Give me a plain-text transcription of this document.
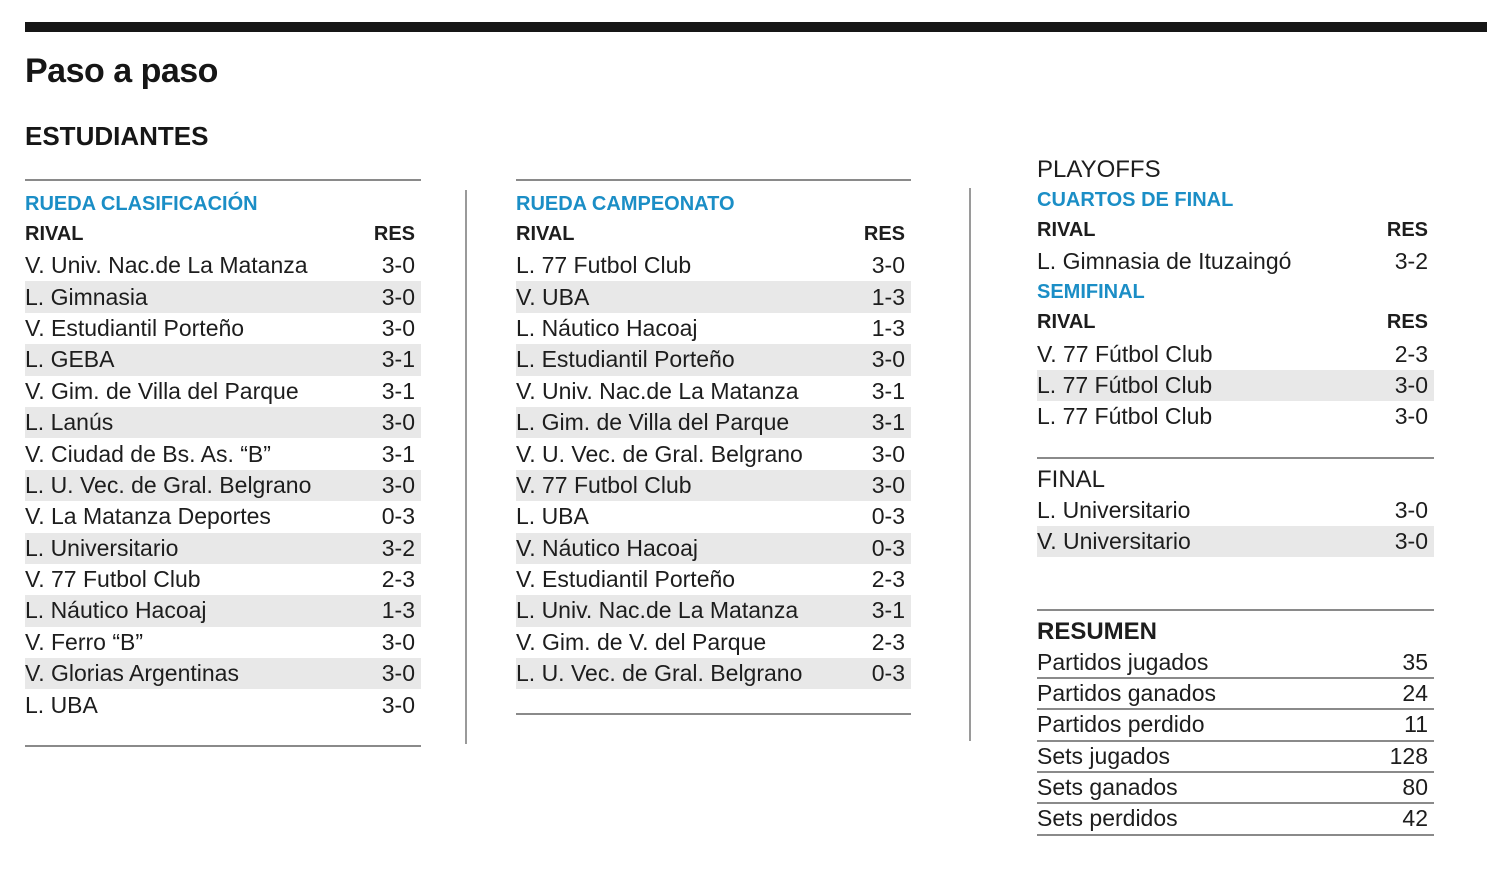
Paso a paso
ESTUDIANTES
RUEDA CLASIFICACIÓN
RIVAL	RES
V. Univ. Nac.de La Matanza	3-0
L. Gimnasia	3-0
V. Estudiantil Porteño	3-0
L. GEBA	3-1
V. Gim. de Villa del Parque	3-1
L. Lanús	3-0
V. Ciudad de Bs. As. “B”	3-1
L. U. Vec. de Gral. Belgrano	3-0
V. La Matanza Deportes	0-3
L. Universitario	3-2
V. 77 Futbol Club	2-3
L. Náutico Hacoaj	1-3
V. Ferro “B”	3-0
V. Glorias Argentinas	3-0
L. UBA	3-0
RUEDA CAMPEONATO
RIVAL	RES
L. 77 Futbol Club	3-0
V. UBA	1-3
L. Náutico Hacoaj	1-3
L. Estudiantil Porteño	3-0
V. Univ. Nac.de La Matanza	3-1
L. Gim. de Villa del Parque	3-1
V. U. Vec. de Gral. Belgrano	3-0
V. 77 Futbol Club	3-0
L. UBA	0-3
V. Náutico Hacoaj	0-3
V. Estudiantil Porteño	2-3
L. Univ. Nac.de La Matanza	3-1
V. Gim. de V. del Parque	2-3
L. U. Vec. de Gral. Belgrano	0-3
PLAYOFFS
CUARTOS DE FINAL
RIVAL	RES
L. Gimnasia de Ituzaingó	3-2
SEMIFINAL
RIVAL	RES
V. 77 Fútbol Club	2-3
L. 77 Fútbol Club	3-0
L. 77 Fútbol Club	3-0
FINAL
L. Universitario	3-0
V. Universitario	3-0
RESUMEN
Partidos jugados	35
Partidos ganados	24
Partidos perdido	11
Sets jugados	128
Sets ganados	80
Sets perdidos	42
